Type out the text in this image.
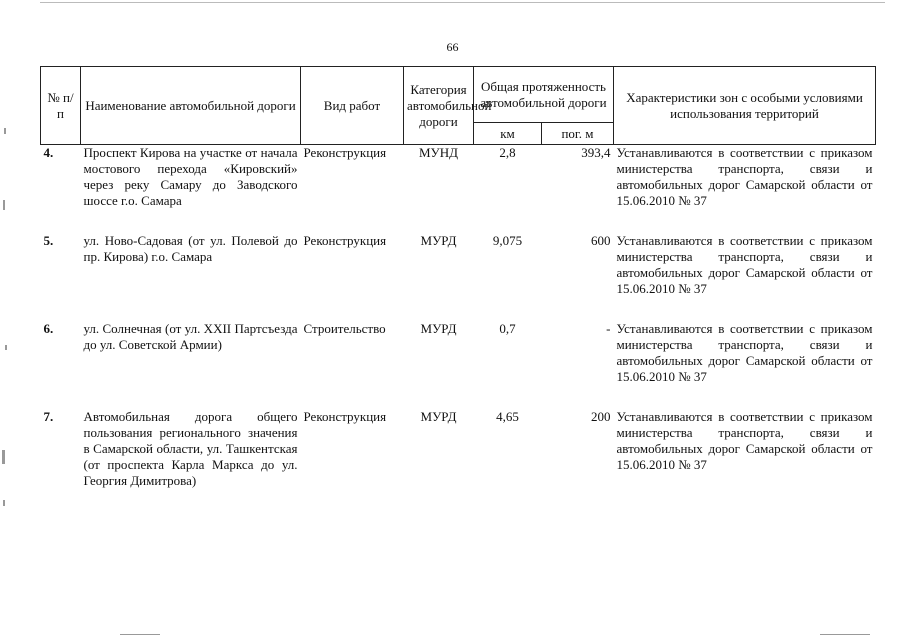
66
№ п/п	Наименование автомобильной дороги	Вид работ	Категория автомобильной дороги	Общая протяженность автомобильной дороги		Характеристики зон с особыми условиями использования территорий
				км	пог. м	
4.	Проспект Кирова на участке от начала мостового перехода «Кировский» через реку Самару до Заводского шоссе г.о. Самара	Реконструкция	МУНД	2,8	393,4	Устанавливаются в соответствии с приказом министерства транспорта, связи и автомобильных дорог Самарской области от 15.06.2010 № 37

5.	ул. Ново-Садовая (от ул. Полевой до пр. Кирова) г.о. Самара	Реконструкция	МУРД	9,075	600	Устанавливаются в соответствии с приказом министерства транспорта, связи и автомобильных дорог Самарской области от 15.06.2010 № 37

6.	ул. Солнечная (от ул. XXII Партсъезда до ул. Советской Армии)	Строительство	МУРД	0,7	-	Устанавливаются в соответствии с приказом министерства транспорта, связи и автомобильных дорог Самарской области от 15.06.2010 № 37

7.	Автомобильная дорога общего пользования регионального значения в Самарской области, ул. Ташкентская (от проспекта Карла Маркса до ул. Георгия Димитрова)	Реконструкция	МУРД	4,65	200	Устанавливаются в соответствии с приказом министерства транспорта, связи и автомобильных дорог Самарской области от 15.06.2010 № 37
